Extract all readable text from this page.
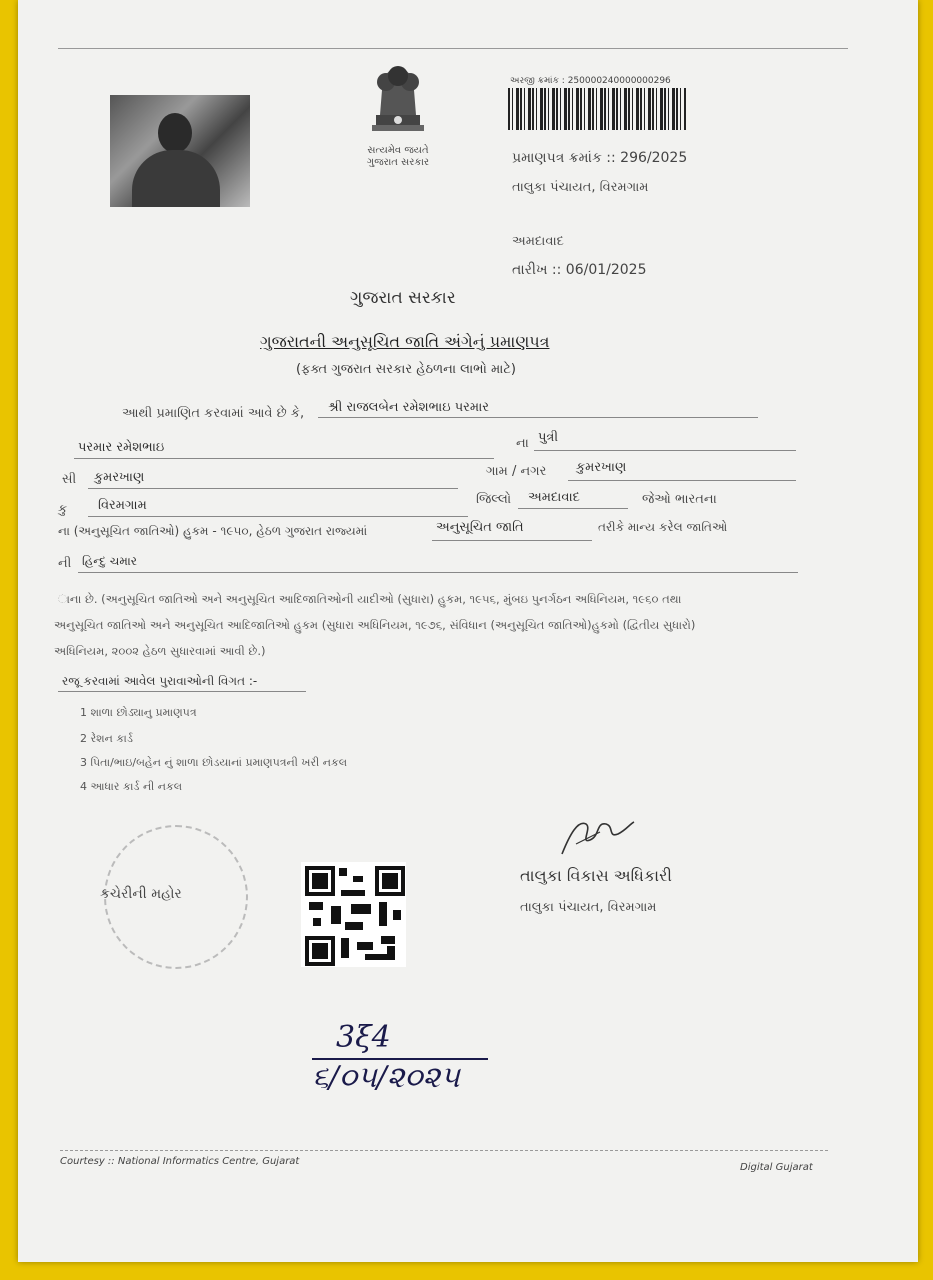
સત્યમેવ જયતે
ગુજરાત સરકાર
અરજી ક્રમાંક : 250000240000000296
પ્રમાણપત્ર ક્રમાંક :: 296/2025
તાલુકા પંચાયત, વિરમગામ
અમદાવાદ
તારીખ :: 06/01/2025
ગુજરાત સરકાર
ગુજરાતની અનુસૂચિત જાતિ અંગેનું પ્રમાણપત્ર
(ફક્ત ગુજરાત સરકાર હેઠળના લાભો માટે)
આથી પ્રમાણિત કરવામાં આવે છે કે, શ્રી રાજલબેન રમેશભાઇ પરમાર
પરમાર રમેશભાઇ	ના પુત્રી
સી કુમરખાણ	ગામ / નગર કુમરખાણ
કુ વિરમગામ	જિલ્લો અમદાવાદ	જેઓ ભારતના
ના (અનુસૂચિત જાતિઓ) હુકમ - ૧૯૫૦, હેઠળ ગુજરાત રાજ્યમાં	અનુસૂચિત જાતિ	તરીકે માન્ય કરેલ જાતિઓ
ની હિન્દુ ચમાર
ાના છે. (અનુસૂચિત જાતિઓ અને અનુસૂચિત આદિજાતિઓની યાદીઓ (સુધારા) હુકમ, ૧૯૫૬, મુંબઇ પુનર્ગઠન અધિનિયમ, ૧૯૬૦ તથા
અનુસૂચિત જાતિઓ અને અનુસૂચિત આદિજાતિઓ હુકમ (સુધારા અધિનિયમ, ૧૯૭૬, સંવિધાન (અનુસૂચિત જાતિઓ)હુકમો (દ્વિતીય સુધારો)
અધિનિયમ, ૨૦૦૨ હેઠળ સુધારવામાં આવી છે.)
રજૂ કરવામાં આવેલ પુરાવાઓની વિગત :-
1 શાળા છોડ્યાનુ પ્રમાણપત્ર
2 રેશન કાર્ડ
3 પિતા/ભાઇ/બહેન નું શાળા છોડયાનાં પ્રમાણપત્રની ખરી નકલ
4 આધાર કાર્ડ ની નકલ
કચેરીની મહોર
તાલુકા વિકાસ અધિકારી
તાલુકા પંચાયત, વિરમગામ
3ξ4
૬/૦૫/૨૦૨૫
Courtesy :: National Informatics Centre, Gujarat
Digital Gujarat
